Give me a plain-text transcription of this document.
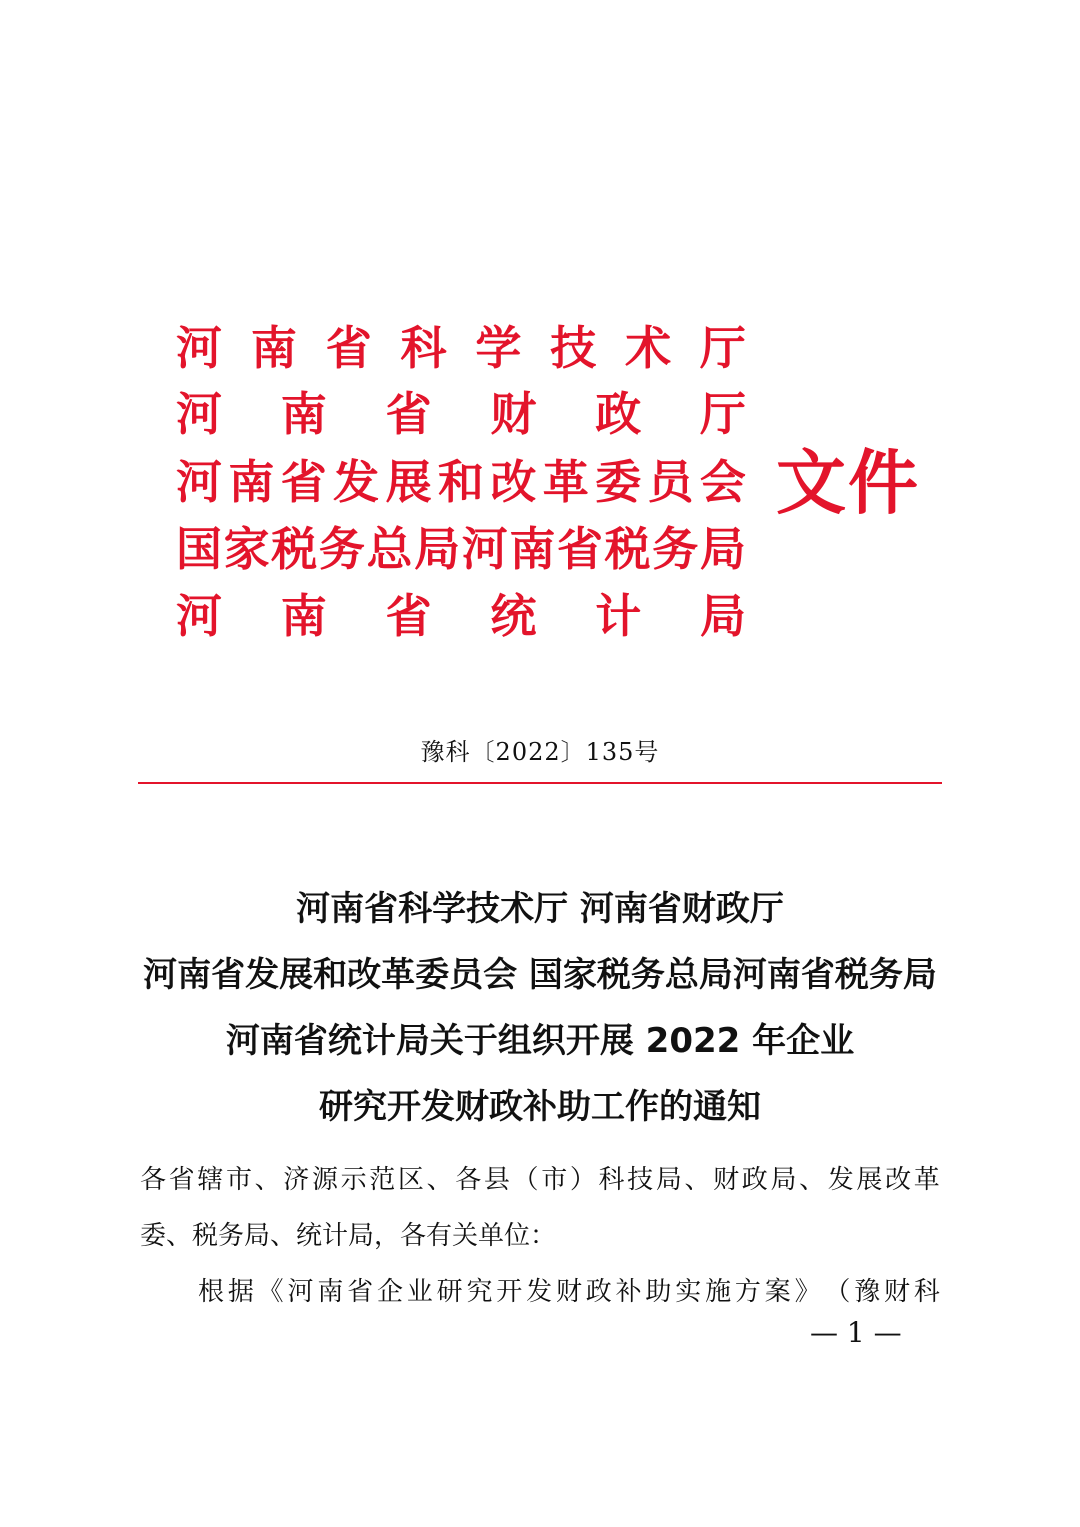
河 南 省 科 学 技 术 厅
河 南 省 财 政 厅
河 南 省 发 展 和 改 革 委 员 会
国 家 税 务 总 局 河 南 省 税 务 局
河 南 省 统 计 局
文件
豫科〔2022〕135号
河南省科学技术厅 河南省财政厅
河南省发展和改革委员会 国家税务总局河南省税务局
河南省统计局关于组织开展 2022 年企业
研究开发财政补助工作的通知
各 省 辖 市 、 济 源 示 范 区 、 各 县 （ 市 ） 科 技 局 、 财 政 局 、 发 展 改 革
委、税务局、统计局，各有关单位：
根 据 《 河 南 省 企 业 研 究 开 发 财 政 补 助 实 施 方 案 》 （ 豫 财 科
— 1 —
